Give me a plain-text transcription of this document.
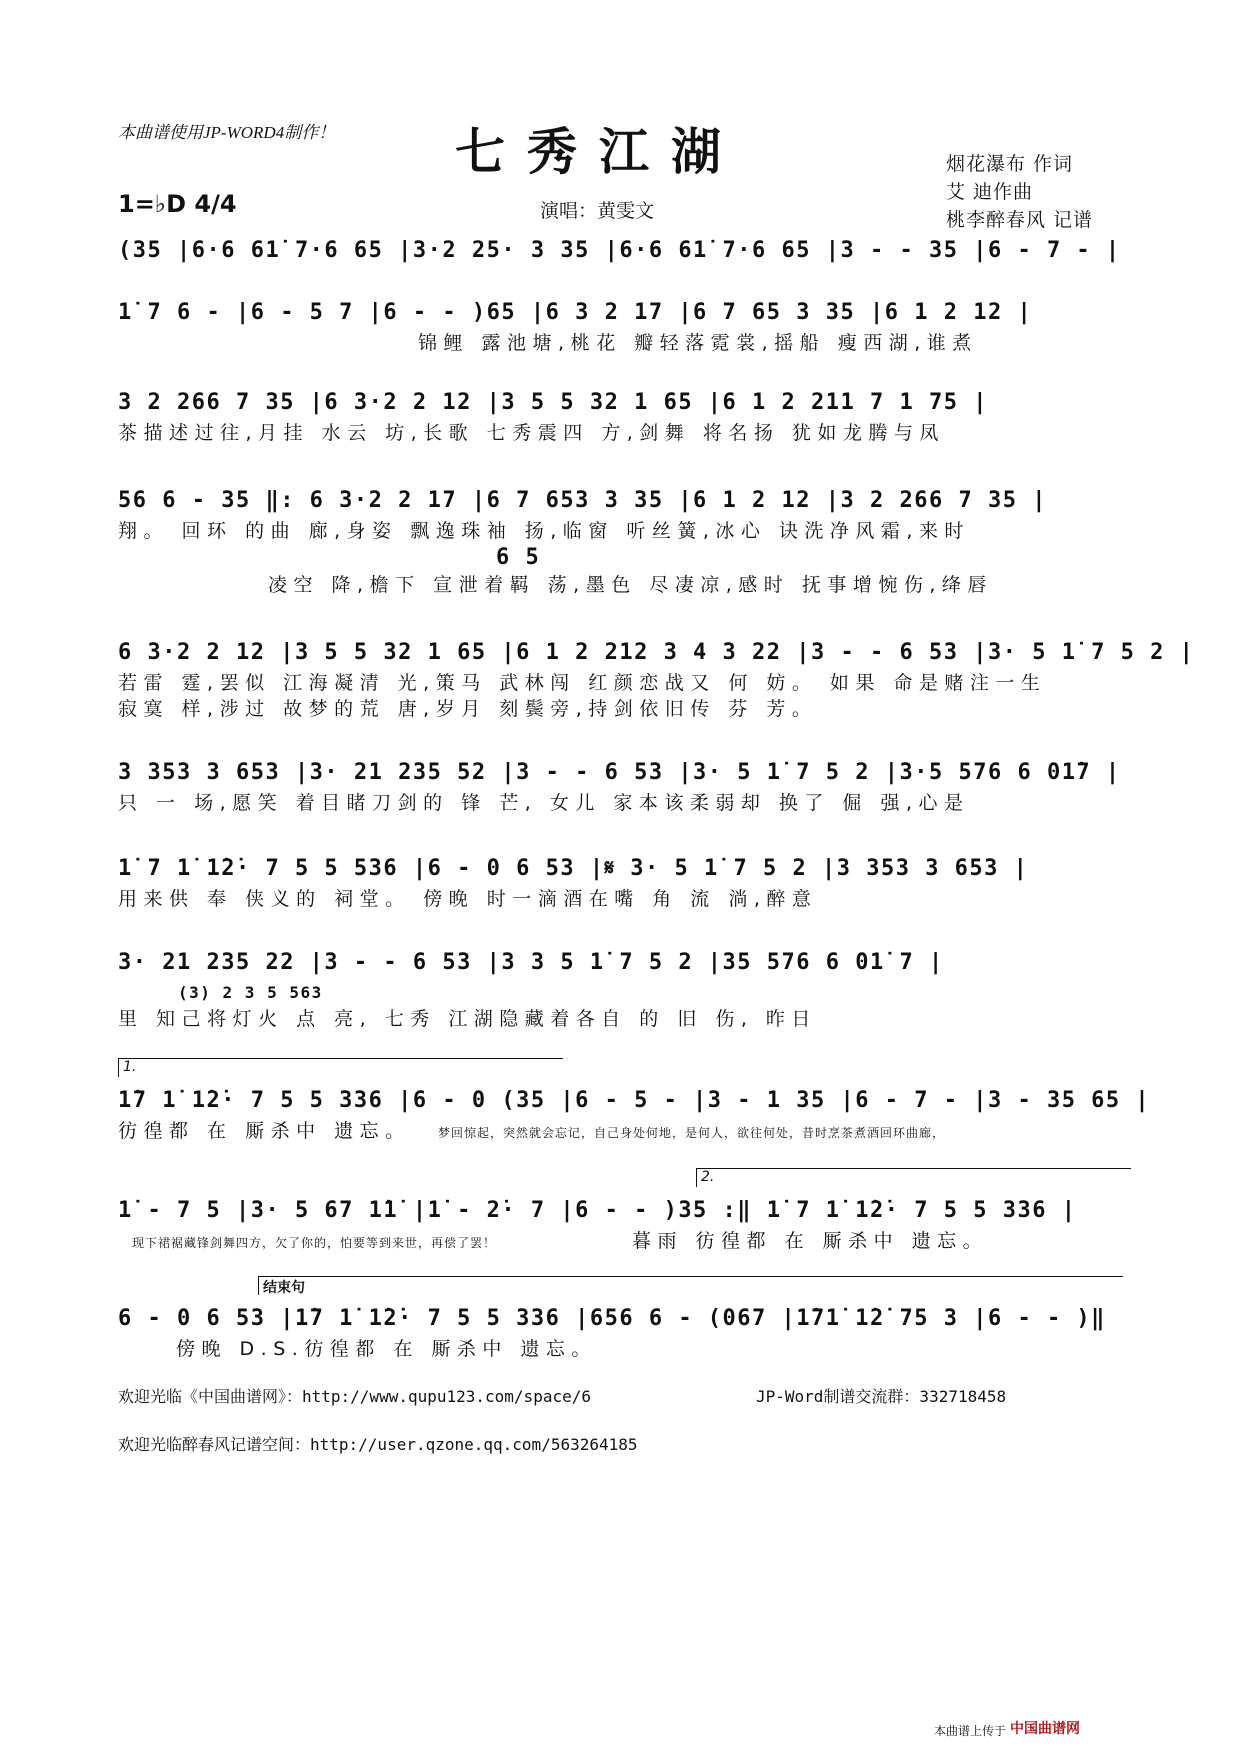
本曲谱使用JP-WORD4制作！ 七秀江湖
1=♭D 4/4	演唱：黄雯文
烟花瀑布 作词
艾 迪作曲
桃李醉春风 记谱
(35 |6·6 61̇ 7·6 65 |3·2 25· 3 35 |6·6 61̇ 7·6 65 |3 - - 35 |6 - 7 - |
1̇ 7 6 - |6 - 5 7 |6 - - )65 |6 3 2 17 |6 7 65 3 35 |6 1 2 12 |
锦鲤 露池塘,桃花 瓣轻落霓裳,摇船 瘦西湖,谁煮
3 2 266 7 35 |6 3·2 2 12 |3 5 5 32 1 65 |6 1 2 211 7 1 75 |
茶描述过往,月挂 水云 坊,长歌 七秀震四 方,剑舞 将名扬 犹如龙腾与凤
56 6 - 35 ‖: 6 3·2 2 17 |6 7 653 3 35 |6 1 2 12 |3 2 266 7 35 |
翔。 回环 的曲 廊,身姿 飘逸珠袖 扬,临窗 听丝簧,冰心 诀洗净风霜,来时
6 5
凌空 降,檐下 宣泄着羁 荡,墨色 尽凄凉,感时 抚事增惋伤,绛唇
6 3·2 2 12 |3 5 5 32 1 65 |6 1 2 212 3 4 3 22 |3 - - 6 53 |3· 5 1̇ 7 5 2 |
若雷 霆,罢似 江海凝清 光,策马 武林闯 红颜恋战又 何 妨。 如果 命是赌注一生
寂寞 样,涉过 故梦的荒 唐,岁月 刻鬓旁,持剑依旧传 芬 芳。
3 353 3 653 |3· 21 235 52 |3 - - 6 53 |3· 5 1̇ 7 5 2 |3·5 576 6 01̇7 |
只 一 场,愿笑 着目睹刀剑的 锋 芒, 女儿 家本该柔弱却 换了 倔 强,心是
1̇ 7 1̇ 1̇2̇· 7 5 5 536 |6 - 0 6 53 |𝄋 3· 5 1̇ 7 5 2 |3 353 3 653 |
用来供 奉 侠义的 祠堂。 傍晚 时一滴酒在嘴 角 流 淌,醉意
3· 21 235 22 |3 - - 6 53 |3 3 5 1̇ 7 5 2 |35 576 6 01̇ 7 |
(3) 2 3 5 563
里 知己将灯火 点 亮, 七秀 江湖隐藏着各自 的 旧 伤, 昨日
1.
1̇7 1̇ 1̇2̇· 7 5 5 336 |6 - 0 (35 |6 - 5 - |3 - 1 35 |6 - 7 - |3 - 35 65 |
彷徨都 在 厮杀中 遗忘。	梦回惊起，突然就会忘记，自己身处何地，是何人，欲往何处，昔时烹茶煮酒回环曲廊，
2.
1̇ - 7 5 |3· 5 67 1̇1̇ |1̇ - 2̇· 7 |6 - - )35 :‖ 1̇ 7 1̇ 1̇2̇· 7 5 5 336 |
现下裙裾藏锋剑舞四方，欠了你的，怕要等到来世，再偿了罢！	暮雨 彷徨都 在 厮杀中 遗忘。
结束句
6 - 0 6 53 |1̇7 1̇ 1̇2̇· 7 5 5 336 |656 6 - (067 |1̇71̇ 1̇2̇ 75 3 |6 - - )‖
傍晚 D.S.彷徨都 在 厮杀中 遗忘。
欢迎光临《中国曲谱网》：http://www.qupu123.com/space/6	JP-Word制谱交流群：332718458
欢迎光临醉春风记谱空间：http://user.qzone.qq.com/563264185
本曲谱上传于 中国曲谱网
